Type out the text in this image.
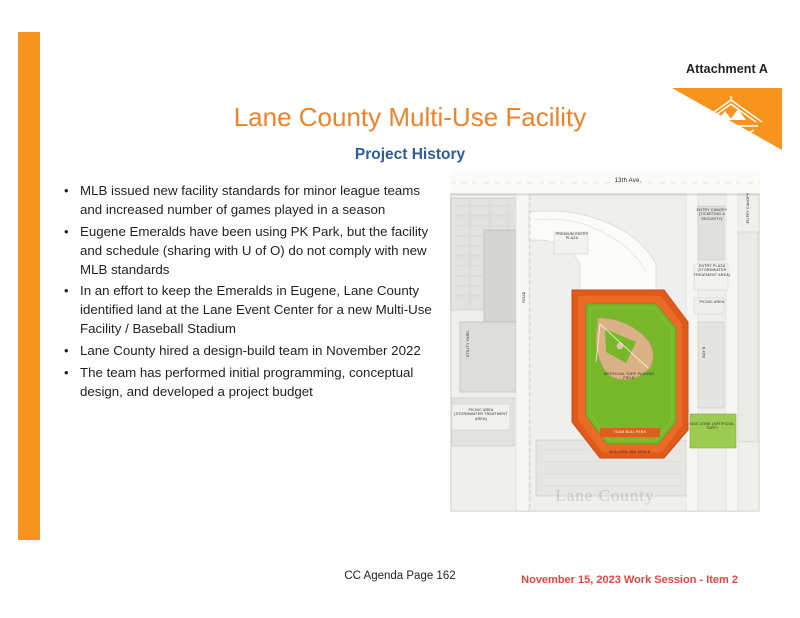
Attachment A
Lane County Multi-Use Facility
Project History
• MLB issued new facility standards for minor league teams and increased number of games played in a season
• Eugene Emeralds have been using PK Park, but the facility and schedule (sharing with U of O) do not comply with new MLB standards
• In an effort to keep the Emeralds in Eugene, Lane County identified land at the Lane Event Center for a new Multi-Use Facility / Baseball Stadium
• Lane County hired a design-build team in November 2022
• The team has performed initial programming, conceptual design, and developed a project budget
13th Ave.
ENTRY CANOPY (TICKETING & SECURITY)
ENTRY PLAZA (STORMWATER TREATMENT AREA)
ENTRY CANOPY
PREMIUM ENTRY PLAZA
PICNIC AREA
ARTIFICIAL TURF PLAYING FIELD
KIDS ZONE (ARTIFICIAL TURF)
TEAM BULLPENS
BULLPEN 3RD SPACE
PICNIC AREA (STORMWATER TREATMENT AREA)
ROAD
BAY B
UTILITY YARD
Lane County
CC Agenda Page 162	November 15, 2023 Work Session - Item 2
